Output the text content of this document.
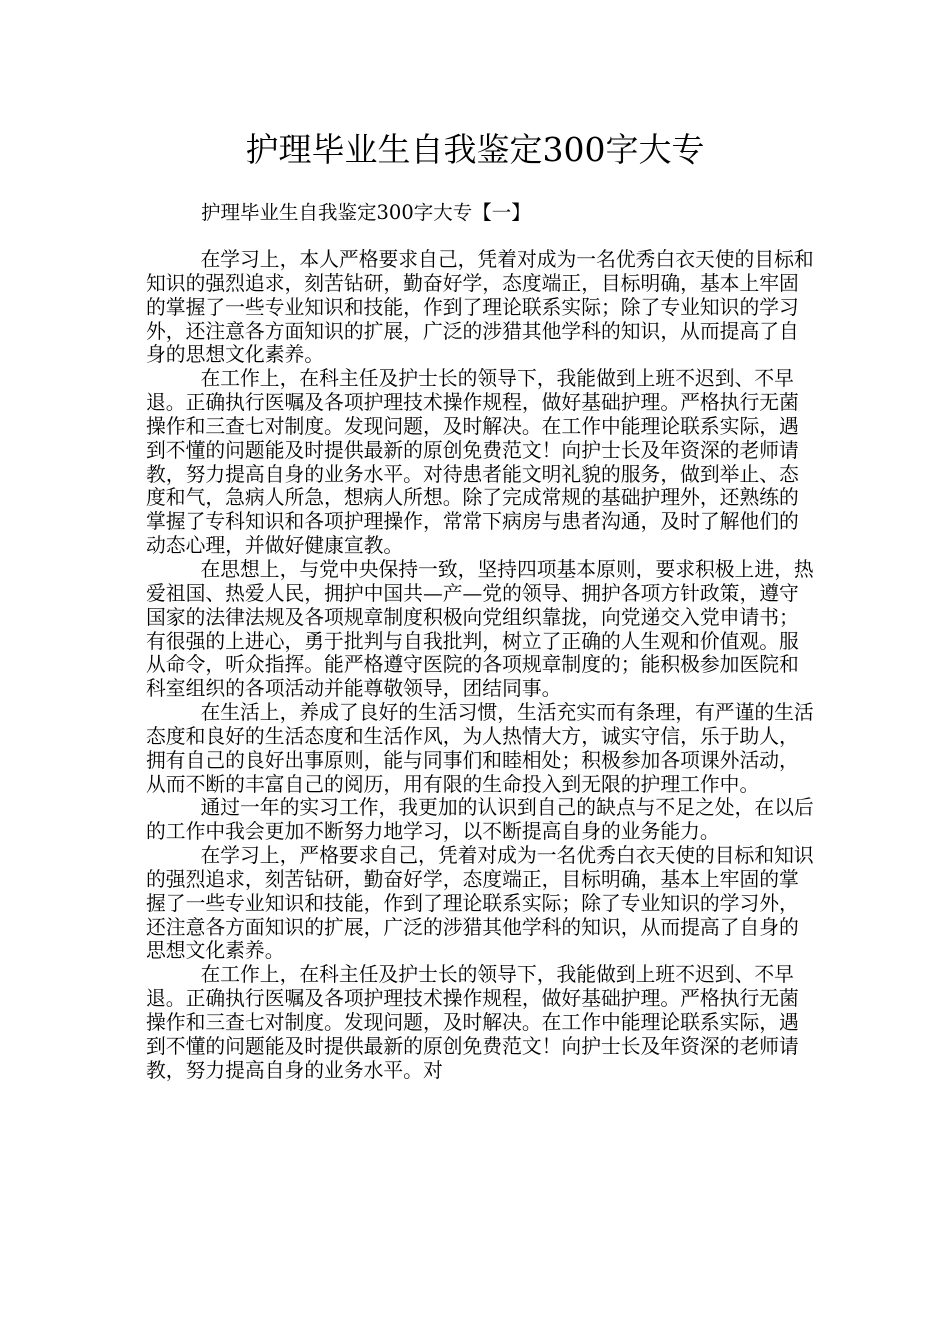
护理毕业生自我鉴定300字大专

护理毕业生自我鉴定300字大专【一】

在学习上，本人严格要求自己，凭着对成为一名优秀白衣天使的目标和知识的强烈追求，刻苦钻研，勤奋好学，态度端正，目标明确，基本上牢固的掌握了一些专业知识和技能，作到了理论联系实际；除了专业知识的学习外，还注意各方面知识的扩展，广泛的涉猎其他学科的知识，从而提高了自身的思想文化素养。

在工作上，在科主任及护士长的领导下，我能做到上班不迟到、不早退。正确执行医嘱及各项护理技术操作规程，做好基础护理。严格执行无菌操作和三查七对制度。发现问题，及时解决。在工作中能理论联系实际，遇到不懂的问题能及时提供最新的原创免费范文！向护士长及年资深的老师请教，努力提高自身的业务水平。对待患者能文明礼貌的服务，做到举止、态度和气，急病人所急，想病人所想。除了完成常规的基础护理外，还熟练的掌握了专科知识和各项护理操作，常常下病房与患者沟通，及时了解他们的动态心理，并做好健康宣教。

在思想上，与党中央保持一致，坚持四项基本原则，要求积极上进，热爱祖国、热爱人民，拥护中国共—产—党的领导、拥护各项方针政策，遵守国家的法律法规及各项规章制度积极向党组织靠拢，向党递交入党申请书；有很强的上进心，勇于批判与自我批判，树立了正确的人生观和价值观。服从命令，听众指挥。能严格遵守医院的各项规章制度的；能积极参加医院和科室组织的各项活动并能尊敬领导，团结同事。

在生活上，养成了良好的生活习惯，生活充实而有条理，有严谨的生活态度和良好的生活态度和生活作风，为人热情大方，诚实守信，乐于助人，拥有自己的良好出事原则，能与同事们和睦相处；积极参加各项课外活动，从而不断的丰富自己的阅历，用有限的生命投入到无限的护理工作中。

通过一年的实习工作，我更加的认识到自己的缺点与不足之处，在以后的工作中我会更加不断努力地学习，以不断提高自身的业务能力。

在学习上，严格要求自己，凭着对成为一名优秀白衣天使的目标和知识的强烈追求，刻苦钻研，勤奋好学，态度端正，目标明确，基本上牢固的掌握了一些专业知识和技能，作到了理论联系实际；除了专业知识的学习外，还注意各方面知识的扩展，广泛的涉猎其他学科的知识，从而提高了自身的思想文化素养。

在工作上，在科主任及护士长的领导下，我能做到上班不迟到、不早退。正确执行医嘱及各项护理技术操作规程，做好基础护理。严格执行无菌操作和三查七对制度。发现问题，及时解决。在工作中能理论联系实际，遇到不懂的问题能及时提供最新的原创免费范文！向护士长及年资深的老师请教，努力提高自身的业务水平。对
